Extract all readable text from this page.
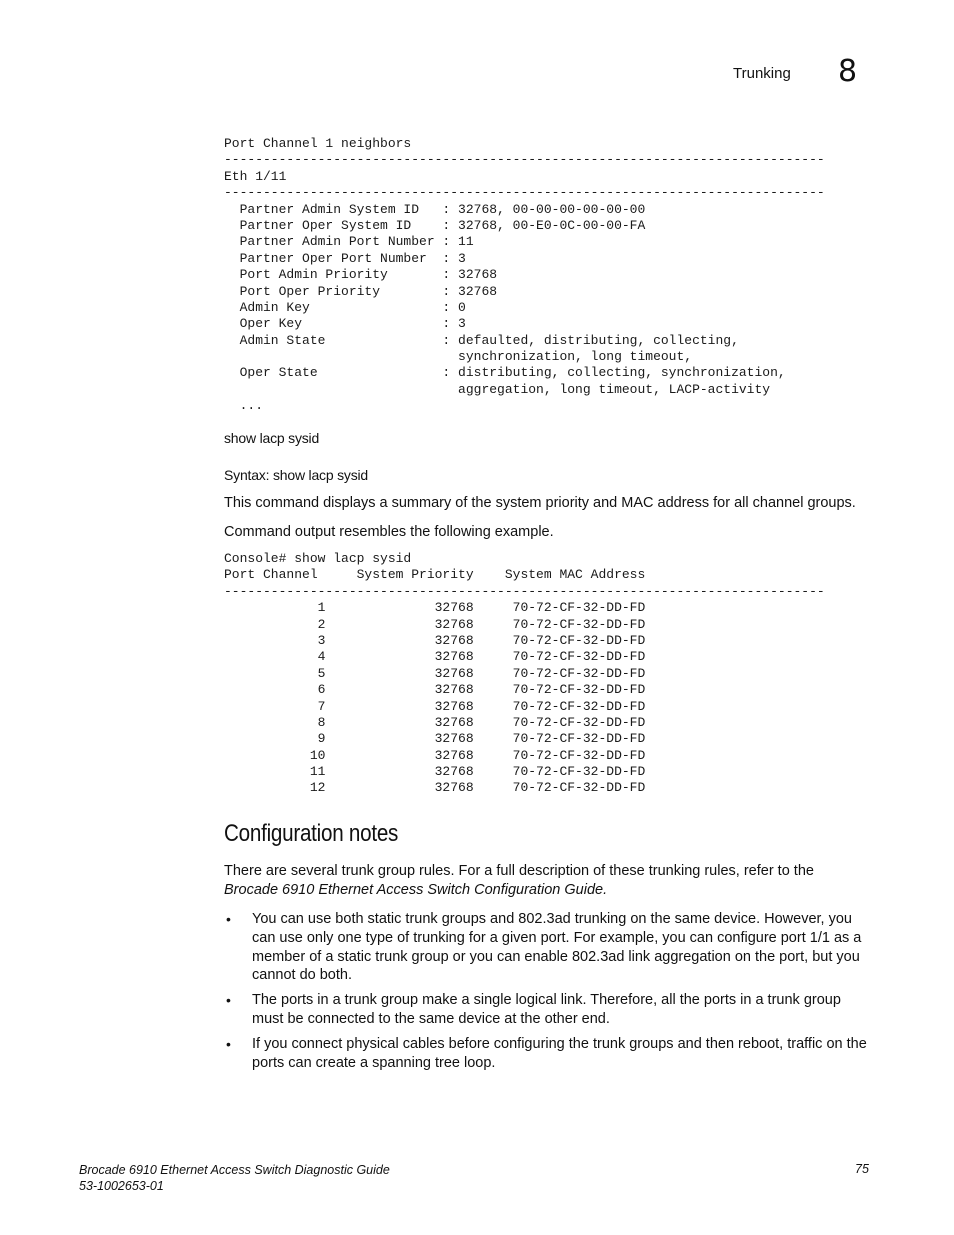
Trunking 8
Port Channel 1 neighbors
-----------------------------------------------------------------------------
Eth 1/11
-----------------------------------------------------------------------------
Partner Admin System ID   : 32768, 00-00-00-00-00-00
Partner Oper System ID    : 32768, 00-E0-0C-00-00-FA
Partner Admin Port Number : 11
Partner Oper Port Number  : 3
Port Admin Priority       : 32768
Port Oper Priority        : 32768
Admin Key                 : 0
Oper Key                  : 3
Admin State               : defaulted, distributing, collecting,
synchronization, long timeout,
Oper State                : distributing, collecting, synchronization,
aggregation, long timeout, LACP-activity
...
show lacp sysid
Syntax: show lacp sysid
This command displays a summary of the system priority and MAC address for all channel groups.
Command output resembles the following example.
Console# show lacp sysid
Port Channel     System Priority    System MAC Address
-----------------------------------------------------------------------------
1              32768     70-72-CF-32-DD-FD
2              32768     70-72-CF-32-DD-FD
3              32768     70-72-CF-32-DD-FD
4              32768     70-72-CF-32-DD-FD
5              32768     70-72-CF-32-DD-FD
6              32768     70-72-CF-32-DD-FD
7              32768     70-72-CF-32-DD-FD
8              32768     70-72-CF-32-DD-FD
9              32768     70-72-CF-32-DD-FD
10              32768     70-72-CF-32-DD-FD
11              32768     70-72-CF-32-DD-FD
12              32768     70-72-CF-32-DD-FD
Configuration notes
There are several trunk group rules. For a full description of these trunking rules, refer to the
Brocade 6910 Ethernet Access Switch Configuration Guide.
• You can use both static trunk groups and 802.3ad trunking on the same device. However, you can use only one type of trunking for a given port. For example, you can configure port 1/1 as a member of a static trunk group or you can enable 802.3ad link aggregation on the port, but you cannot do both.
• The ports in a trunk group make a single logical link. Therefore, all the ports in a trunk group must be connected to the same device at the other end.
• If you connect physical cables before configuring the trunk groups and then reboot, traffic on the ports can create a spanning tree loop.
Brocade 6910 Ethernet Access Switch Diagnostic Guide
53-1002653-01
75
